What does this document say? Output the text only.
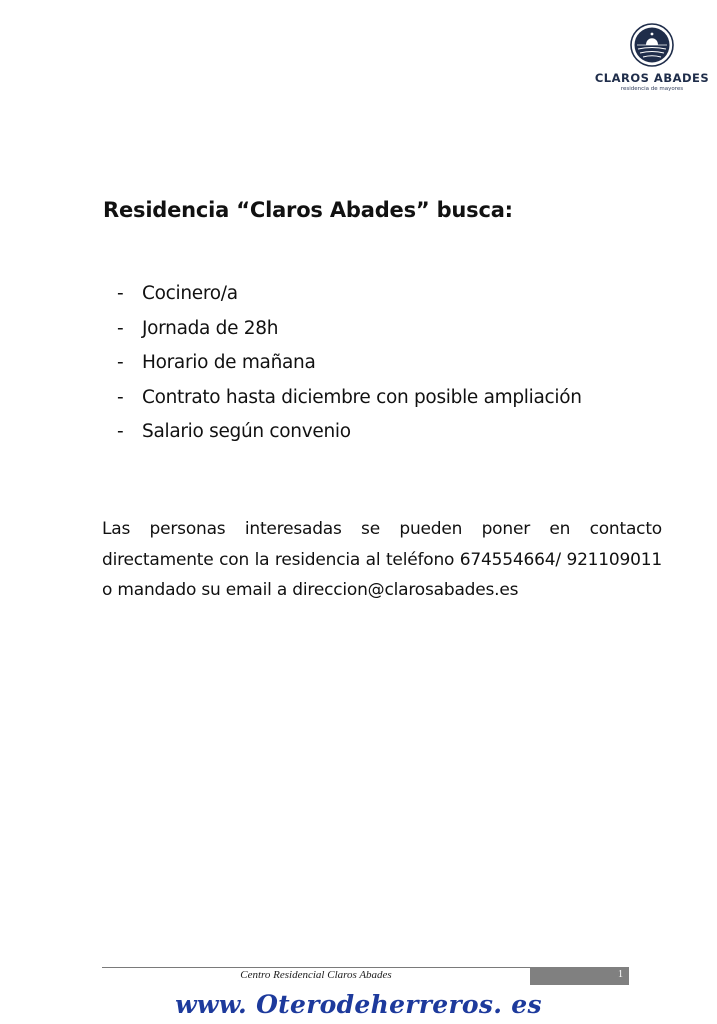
CLAROS ABADES
residencia de mayores
Residencia “Claros Abades” busca:
- Cocinero/a
- Jornada de 28h
- Horario de mañana
- Contrato hasta diciembre con posible ampliación
- Salario según convenio

Las personas interesadas se pueden poner en contacto directamente con la residencia al teléfono 674554664/ 921109011 o mandado su email a direccion@clarosabades.es

Centro Residencial Claros Abades	1
www. Oterodeherreros. es
